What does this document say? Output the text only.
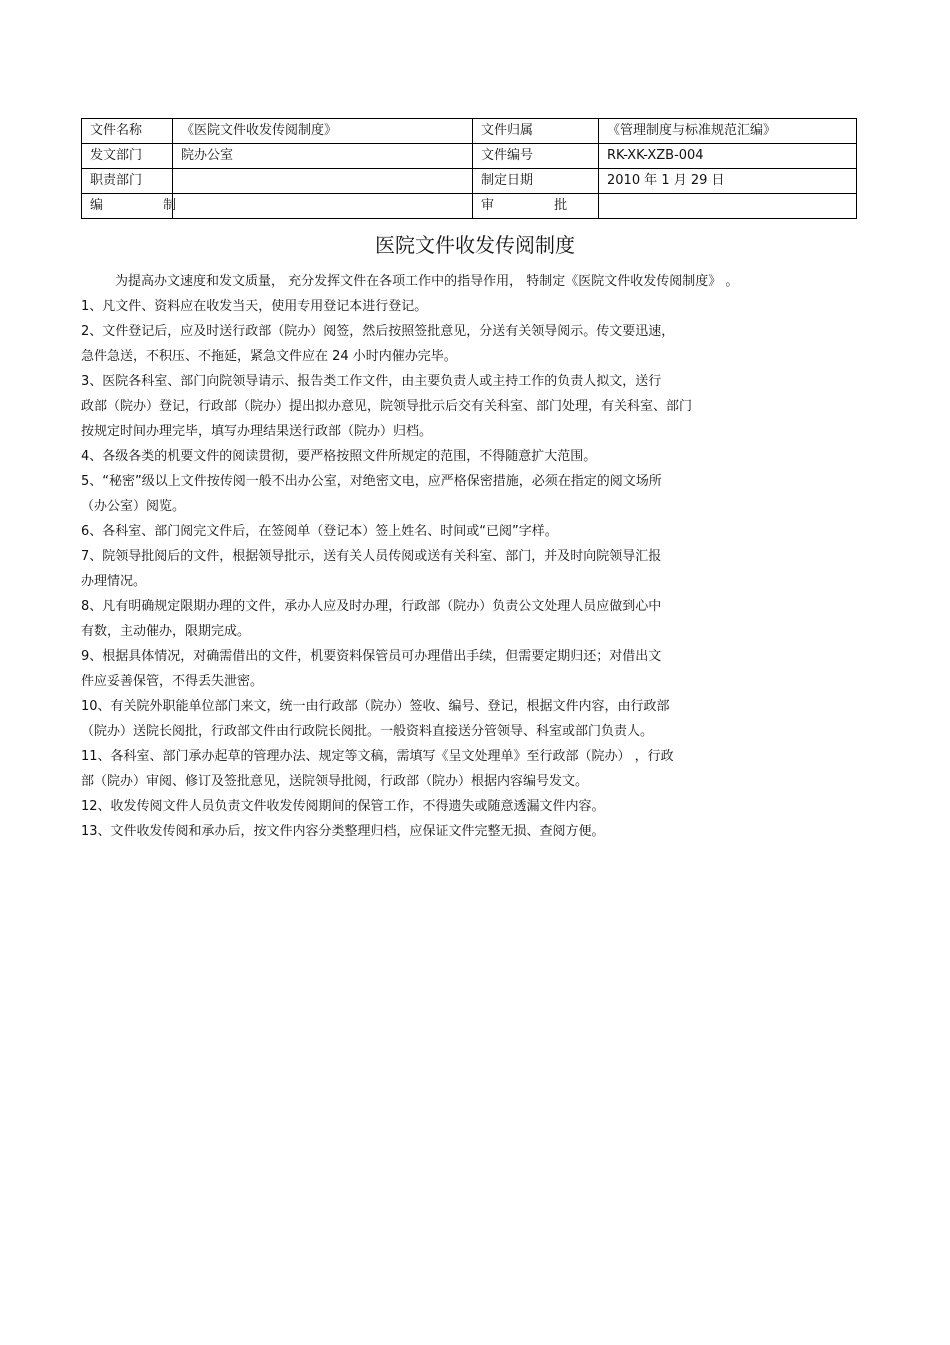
文件名称	《医院文件收发传阅制度》	文件归属	《管理制度与标准规范汇编》
发文部门	院办公室	文件编号	RK-XK-XZB-004
职责部门		制定日期	2010 年 1 月 29 日
编 制		审 批	
医院文件收发传阅制度

为提高办文速度和发文质量， 充分发挥文件在各项工作中的指导作用， 特制定《医院文件收发传阅制度》 。

1、凡文件、资料应在收发当天，使用专用登记本进行登记。

2、文件登记后，应及时送行政部（院办）阅签，然后按照签批意见，分送有关领导阅示。传文要迅速，

急件急送，不积压、不拖延，紧急文件应在 24 小时内催办完毕。

3、医院各科室、部门向院领导请示、报告类工作文件，由主要负责人或主持工作的负责人拟文，送行

政部（院办）登记，行政部（院办）提出拟办意见，院领导批示后交有关科室、部门处理，有关科室、部门

按规定时间办理完毕，填写办理结果送行政部（院办）归档。

4、各级各类的机要文件的阅读贯彻，要严格按照文件所规定的范围，不得随意扩大范围。

5、“秘密”级以上文件按传阅一般不出办公室，对绝密文电，应严格保密措施，必须在指定的阅文场所

（办公室）阅览。

6、各科室、部门阅完文件后，在签阅单（登记本）签上姓名、时间或“已阅”字样。

7、院领导批阅后的文件，根据领导批示，送有关人员传阅或送有关科室、部门，并及时向院领导汇报

办理情况。

8、凡有明确规定限期办理的文件，承办人应及时办理，行政部（院办）负责公文处理人员应做到心中

有数，主动催办，限期完成。

9、根据具体情况，对确需借出的文件，机要资料保管员可办理借出手续，但需要定期归还；对借出文

件应妥善保管，不得丢失泄密。

10、有关院外职能单位部门来文，统一由行政部（院办）签收、编号、登记，根据文件内容，由行政部

（院办）送院长阅批，行政部文件由行政院长阅批。一般资料直接送分管领导、科室或部门负责人。

11、各科室、部门承办起草的管理办法、规定等文稿，需填写《呈文处理单》至行政部（院办） ，行政

部（院办）审阅、修订及签批意见，送院领导批阅，行政部（院办）根据内容编号发文。

12、收发传阅文件人员负责文件收发传阅期间的保管工作，不得遗失或随意透漏文件内容。

13、文件收发传阅和承办后，按文件内容分类整理归档，应保证文件完整无损、查阅方便。
